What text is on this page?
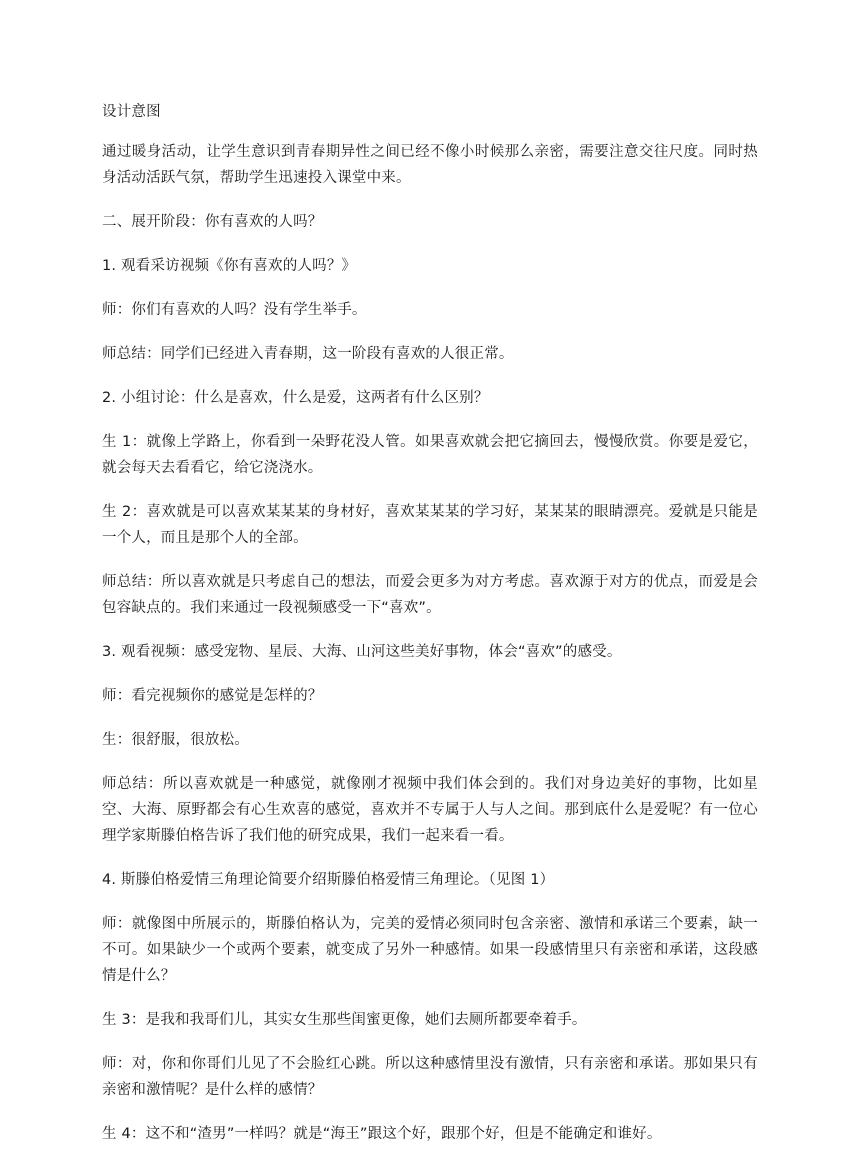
设计意图

通过暖身活动，让学生意识到青春期异性之间已经不像小时候那么亲密，需要注意交往尺度。同时热身活动活跃气氛，帮助学生迅速投入课堂中来。

二、展开阶段：你有喜欢的人吗？

1. 观看采访视频《你有喜欢的人吗？》

师：你们有喜欢的人吗？没有学生举手。

师总结：同学们已经进入青春期，这一阶段有喜欢的人很正常。

2. 小组讨论：什么是喜欢，什么是爱，这两者有什么区别？

生 1：就像上学路上，你看到一朵野花没人管。如果喜欢就会把它摘回去，慢慢欣赏。你要是爱它，就会每天去看看它，给它浇浇水。

生 2：喜欢就是可以喜欢某某某的身材好，喜欢某某某的学习好，某某某的眼睛漂亮。爱就是只能是一个人，而且是那个人的全部。

师总结：所以喜欢就是只考虑自己的想法，而爱会更多为对方考虑。喜欢源于对方的优点，而爱是会包容缺点的。我们来通过一段视频感受一下“喜欢”。

3. 观看视频：感受宠物、星辰、大海、山河这些美好事物，体会“喜欢”的感受。

师：看完视频你的感觉是怎样的？

生：很舒服，很放松。

师总结：所以喜欢就是一种感觉，就像刚才视频中我们体会到的。我们对身边美好的事物，比如星空、大海、原野都会有心生欢喜的感觉，喜欢并不专属于人与人之间。那到底什么是爱呢？有一位心理学家斯滕伯格告诉了我们他的研究成果，我们一起来看一看。

4. 斯滕伯格爱情三角理论简要介绍斯滕伯格爱情三角理论。（见图 1）

师：就像图中所展示的，斯滕伯格认为，完美的爱情必须同时包含亲密、激情和承诺三个要素，缺一不可。如果缺少一个或两个要素，就变成了另外一种感情。如果一段感情里只有亲密和承诺，这段感情是什么？

生 3：是我和我哥们儿，其实女生那些闺蜜更像，她们去厕所都要牵着手。

师：对，你和你哥们儿见了不会脸红心跳。所以这种感情里没有激情，只有亲密和承诺。那如果只有亲密和激情呢？是什么样的感情？

生 4：这不和“渣男”一样吗？就是“海王”跟这个好，跟那个好，但是不能确定和谁好。
